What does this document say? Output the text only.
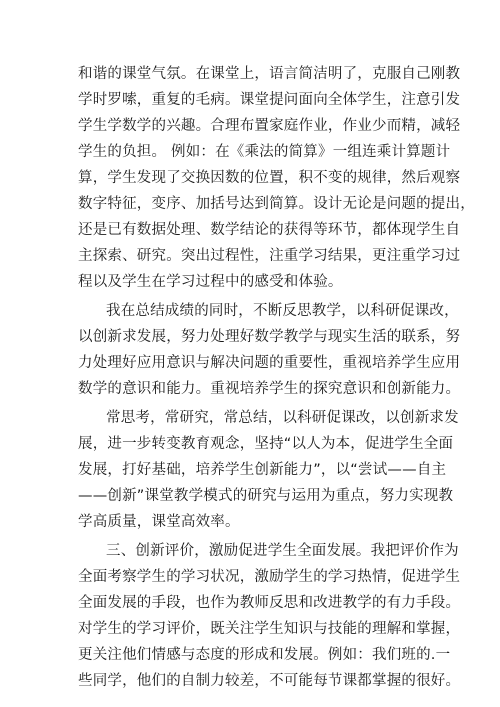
和谐的课堂气氛。在课堂上，语言简洁明了，克服自己刚教
学时罗嗦，重复的毛病。课堂提问面向全体学生，注意引发
学生学数学的兴趣。合理布置家庭作业，作业少而精，减轻
学生的负担。 例如：在《乘法的简算》一组连乘计算题计
算，学生发现了交换因数的位置，积不变的规律，然后观察
数字特征，变序、加括号达到简算。设计无论是问题的提出，
还是已有数据处理、数学结论的获得等环节，都体现学生自
主探索、研究。突出过程性，注重学习结果，更注重学习过
程以及学生在学习过程中的感受和体验。
我在总结成绩的同时，不断反思教学，以科研促课改，
以创新求发展，努力处理好数学教学与现实生活的联系，努
力处理好应用意识与解决问题的重要性，重视培养学生应用
数学的意识和能力。重视培养学生的探究意识和创新能力。
常思考，常研究，常总结，以科研促课改，以创新求发
展，进一步转变教育观念，坚持“以人为本，促进学生全面
发展，打好基础，培养学生创新能力”，以“尝试——自主
——创新”课堂教学模式的研究与运用为重点，努力实现教
学高质量，课堂高效率。
三、创新评价，激励促进学生全面发展。我把评价作为
全面考察学生的学习状况，激励学生的学习热情，促进学生
全面发展的手段，也作为教师反思和改进教学的有力手段。
对学生的学习评价，既关注学生知识与技能的理解和掌握，
更关注他们情感与态度的形成和发展。例如：我们班的.一
些同学，他们的自制力较差，不可能每节课都掌握的很好。
